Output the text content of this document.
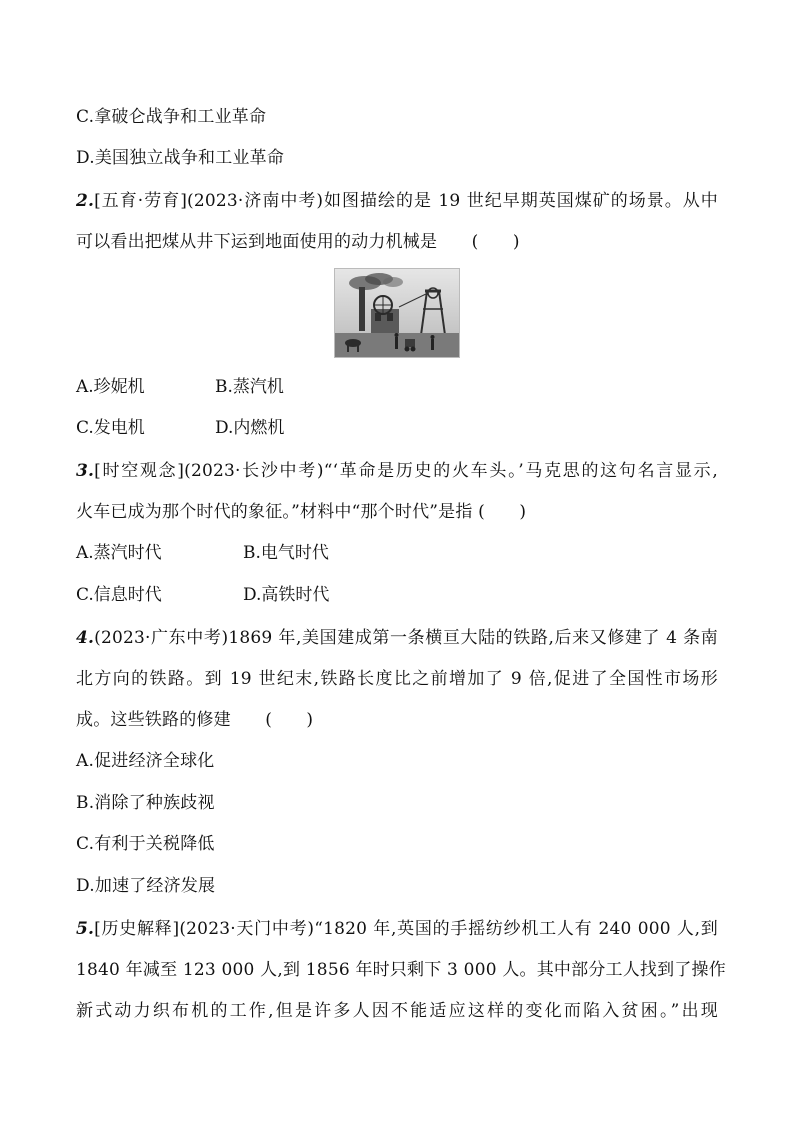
C.拿破仑战争和工业革命
D.美国独立战争和工业革命
2.[五育·劳育](2023·济南中考)如图描绘的是 19 世纪早期英国煤矿的场景。从中
可以看出把煤从井下运到地面使用的动力机械是　　(　　)
A.珍妮机	B.蒸汽机
C.发电机	D.内燃机
3.[时空观念](2023·长沙中考)“‘革命是历史的火车头。’马克思的这句名言显示,
火车已成为那个时代的象征。”材料中“那个时代”是指 (　　)
A.蒸汽时代	B.电气时代
C.信息时代	D.高铁时代
4.(2023·广东中考)1869 年,美国建成第一条横亘大陆的铁路,后来又修建了 4 条南
北方向的铁路。到 19 世纪末,铁路长度比之前增加了 9 倍,促进了全国性市场形
成。这些铁路的修建　　(　　)
A.促进经济全球化
B.消除了种族歧视
C.有利于关税降低
D.加速了经济发展
5.[历史解释](2023·天门中考)“1820 年,英国的手摇纺纱机工人有 240 000 人,到
1840 年减至 123 000 人,到 1856 年时只剩下 3 000 人。其中部分工人找到了操作
新式动力织布机的工作,但是许多人因不能适应这样的变化而陷入贫困。”出现
